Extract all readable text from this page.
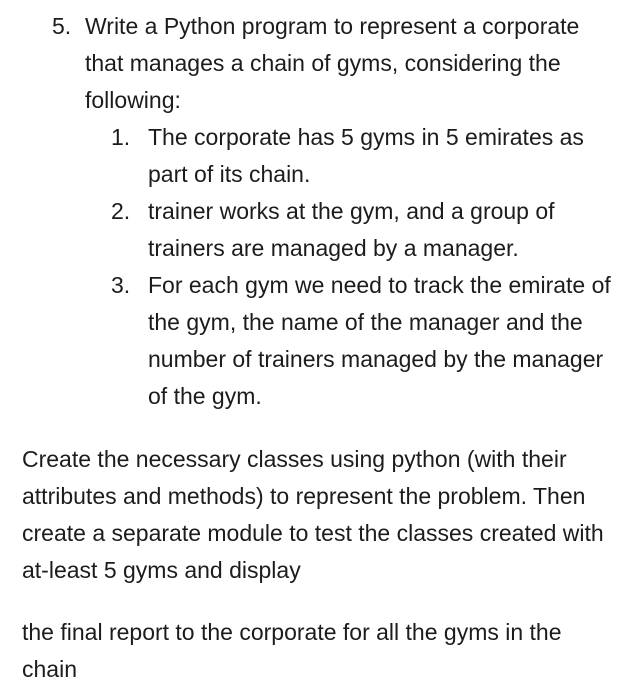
5. Write a Python program to represent a corporate that manages a chain of gyms, considering the following:
1. The corporate has 5 gyms in 5 emirates as part of its chain.
2. trainer works at the gym, and a group of trainers are managed by a manager.
3. For each gym we need to track the emirate of the gym, the name of the manager and the number of trainers managed by the manager of the gym.

Create the necessary classes using python (with their attributes and methods) to represent the problem. Then create a separate module to test the classes created with at-least 5 gyms and display

the final report to the corporate for all the gyms in the chain
